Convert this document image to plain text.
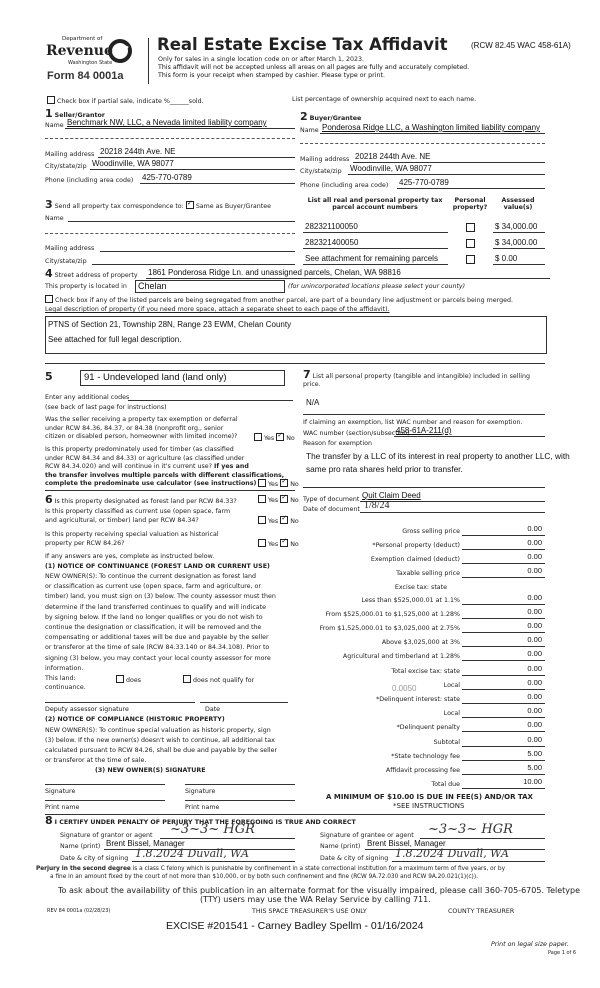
Department of
Revenue
Washington State
Form 84 0001a
Real Estate Excise Tax Affidavit	(RCW 82.45 WAC 458-61A)
Only for sales in a single location code on or after March 1, 2023.
This affidavit will not be accepted unless all areas on all pages are fully and accurately completed.
This form is your receipt when stamped by cashier. Please type or print.
Check box if partial sale, indicate %______sold.	List percentage of ownership acquired next to each name.
1 Seller/Grantor
Name Benchmark NW, LLC, a Nevada limited liability company
Mailing address 20218 244th Ave. NE
City/state/zip Woodinville, WA 98077
Phone (including area code) 425-770-0789
2 Buyer/Grantee
Name Ponderosa Ridge LLC, a Washington limited liability company
Mailing address 20218 244th Ave. NE
City/state/zip Woodinville, WA 98077
Phone (including area code) 425-770-0789
3 Send all property tax correspondence to: ✓ Same as Buyer/Grantee
Name
Mailing address
City/state/zip
List all real and personal property tax parcel account numbers
Personal property?
Assessed value(s)
282321100050	$ 34,000.00
282321400050	$ 34,000.00
See attachment for remaining parcels	$ 0.00
4 Street address of property 1861 Ponderosa Ridge Ln. and unassigned parcels, Chelan, WA 98816
This property is located in	Chelan	(for unincorporated locations please select your county)
Check box if any of the listed parcels are being segregated from another parcel, are part of a boundary line adjustment or parcels being merged.
Legal description of property (if you need more space, attach a separate sheet to each page of the affidavit).
PTNS of Section 21, Township 28N, Range 23 EWM, Chelan County
See attached for full legal description.
5	91 - Undeveloped land (land only)
Enter any additional codes
(see back of last page for instructions)
Was the seller receiving a property tax exemption or deferral
under RCW 84.36, 84.37, or 84.38 (nonprofit org., senior
citizen or disabled person, homeowner with limited income)?	Yes ✓ No
Is this property predominately used for timber (as classified
under RCW 84.34 and 84.33) or agriculture (as classified under
RCW 84.34.020) and will continue in it's current use? If yes and
the transfer involves multiple parcels with different classifications,
complete the predominate use calculator (see instructions)	Yes ✓ No
6 Is this property designated as forest land per RCW 84.33?	Yes ✓ No
Is this property classified as current use (open space, farm
and agricultural, or timber) land per RCW 84.34?	Yes ✓ No
Is this property receiving special valuation as historical
property per RCW 84.26?	Yes ✓ No
If any answers are yes, complete as instructed below.
(1) NOTICE OF CONTINUANCE (FOREST LAND OR CURRENT USE)
NEW OWNER(S): To continue the current designation as forest land
or classification as current use (open space, farm and agriculture, or
timber) land, you must sign on (3) below. The county assessor must then
determine if the land transferred continues to qualify and will indicate
by signing below. If the land no longer qualifies or you do not wish to
continue the designation or classification, it will be removed and the
compensating or additional taxes will be due and payable by the seller
or transferor at the time of sale (RCW 84.33.140 or 84.34.108). Prior to
signing (3) below, you may contact your local county assessor for more
information.
This land:
continuance.
does	does not qualify for
Deputy assessor signature	Date
(2) NOTICE OF COMPLIANCE (HISTORIC PROPERTY)
NEW OWNER(S): To continue special valuation as historic property, sign
(3) below. If the new owner(s) doesn't wish to continue, all additional tax
calculated pursuant to RCW 84.26, shall be due and payable by the seller
or transferor at the time of sale.
(3) NEW OWNER(S) SIGNATURE
Signature	Signature
Print name	Print name
7 List all personal property (tangible and intangible) included in selling
price.
N/A
If claiming an exemption, list WAC number and reason for exemption.
WAC number (section/subsection)
458-61A-211(d)
Reason for exemption
The transfer by a LLC of its interest in real property to another LLC, with
same pro rata shares held prior to transfer.
Type of document Quit Claim Deed
Date of document 1/8/24
Gross selling price	0.00
*Personal property (deduct)	0.00
Exemption claimed (deduct)	0.00
Taxable selling price	0.00
Excise tax: state
Less than $525,000.01 at 1.1%	0.00
From $525,000.01 to $1,525,000 at 1.28%	0.00
From $1,525,000.01 to $3,025,000 at 2.75%	0.00
Above $3,025,000 at 3%	0.00
Agricultural and timberland at 1.28%	0.00
Total excise tax: state	0.00
Local	0.00
*Delinquent interest: state	0.00
Local	0.00
*Delinquent penalty	0.00
Subtotal	0.00
*State technology fee	5.00
Affidavit processing fee	5.00
Total due	10.00
0.0050
A MINIMUM OF $10.00 IS DUE IN FEE(S) AND/OR TAX
*SEE INSTRUCTIONS
8 I CERTIFY UNDER PENALTY OF PERJURY THAT THE FOREGOING IS TRUE AND CORRECT
Signature of grantor or agent ~3~3~ HGR
Name (print) Brent Bissel, Manager
Date & city of signing 1.8.2024 Duvall, WA
Signature of grantee or agent ~3~3~ HGR
Name (print) Brent Bissel, Manager
Date & city of signing 1.8.2024 Duvall, WA
Perjury in the second degree is a class C felony which is punishable by confinement in a state correctional institution for a maximum term of five years, or by
a fine in an amount fixed by the court of not more than $10,000, or by both such confinement and fine (RCW 9A.72.030 and RCW 9A.20.021(1)(c)).
To ask about the availability of this publication in an alternate format for the visually impaired, please call 360-705-6705. Teletype
(TTY) users may use the WA Relay Service by calling 711.
REV 84 0001a (02/28/23)	THIS SPACE TREASURER'S USE ONLY	COUNTY TREASURER
EXCISE #201541 - Carney Badley Spellm - 01/16/2024
Print on legal size paper.
Page 1 of 6
